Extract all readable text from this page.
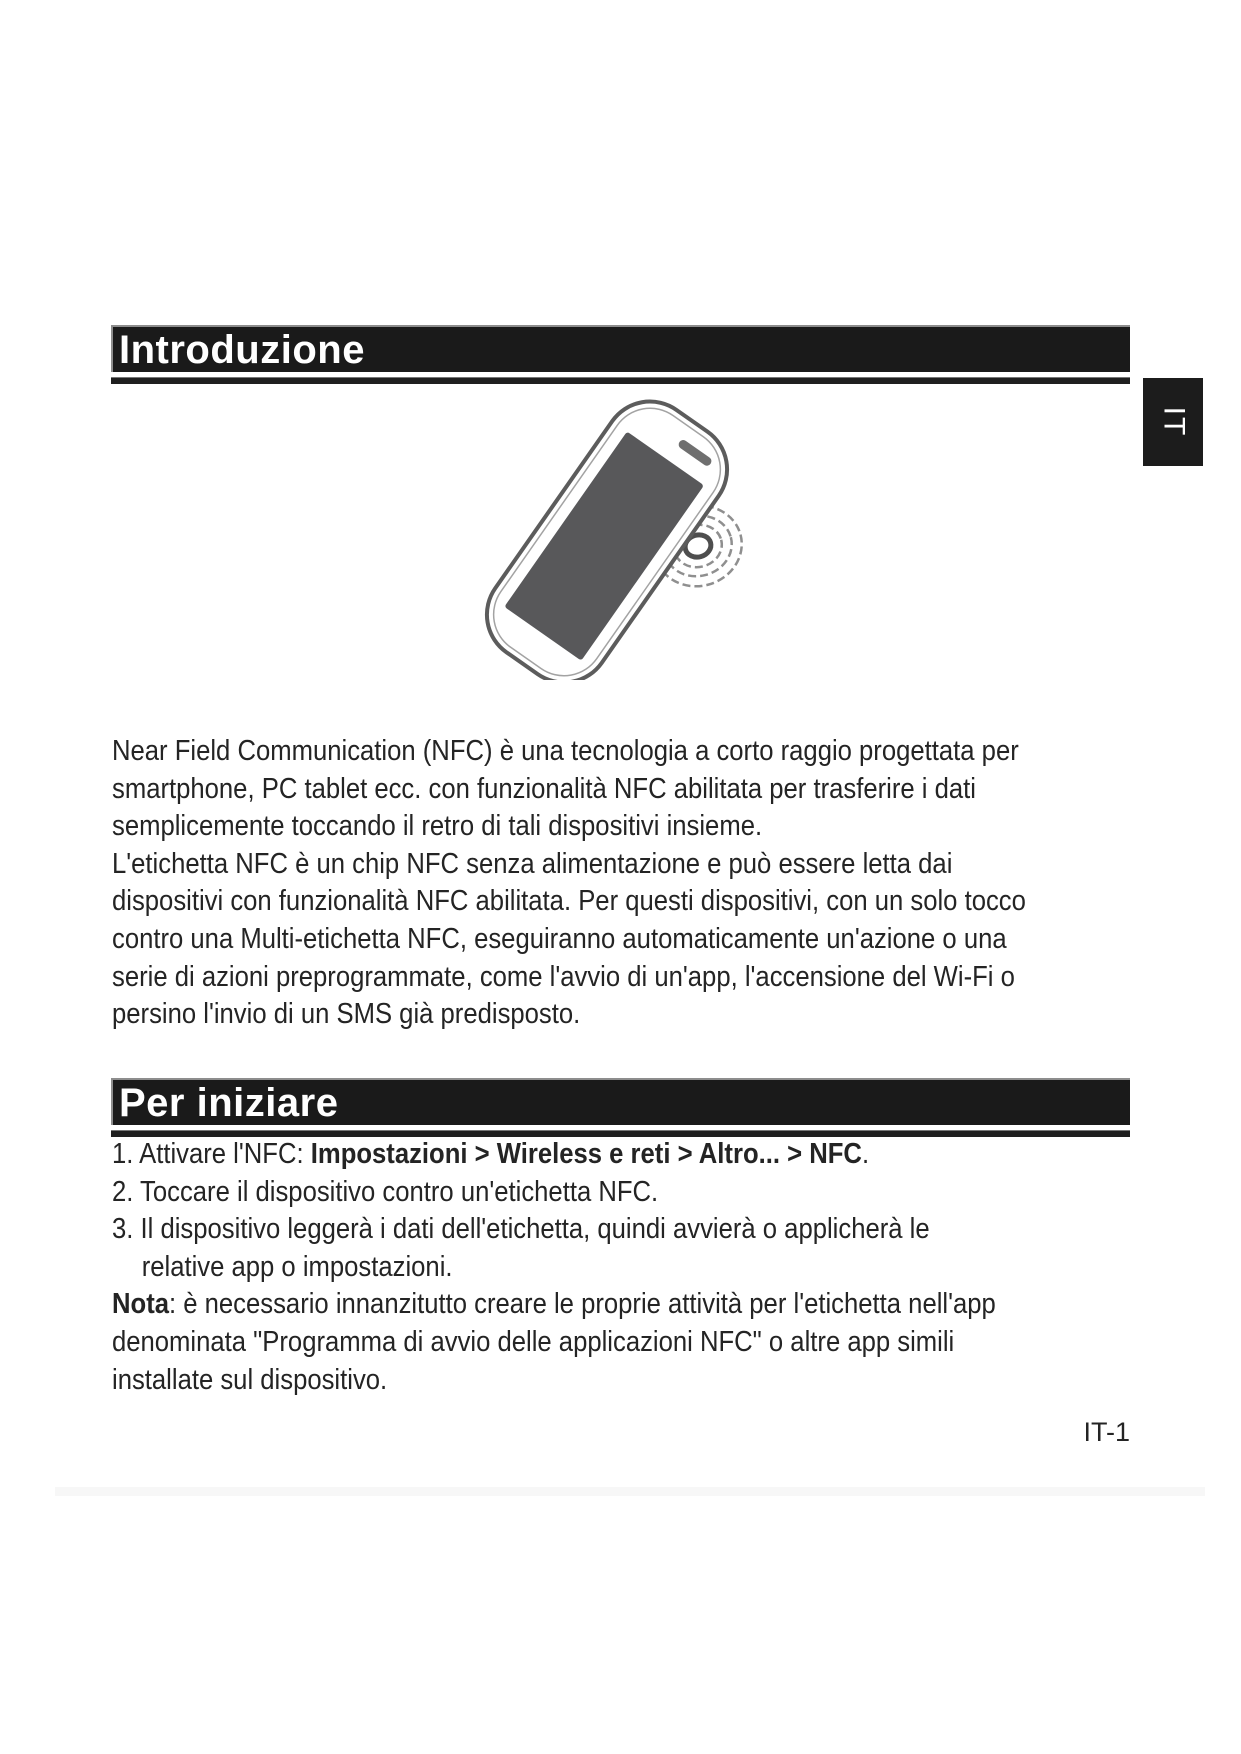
Introduzione
IT
Near Field Communication (NFC) è una tecnologia a corto raggio progettata per
smartphone, PC tablet ecc. con funzionalità NFC abilitata per trasferire i dati
semplicemente toccando il retro di tali dispositivi insieme.
L'etichetta NFC è un chip NFC senza alimentazione e può essere letta dai
dispositivi con funzionalità NFC abilitata. Per questi dispositivi, con un solo tocco
contro una Multi-etichetta NFC, eseguiranno automaticamente un'azione o una
serie di azioni preprogrammate, come l'avvio di un'app, l'accensione del Wi-Fi o
persino l'invio di un SMS già predisposto.
Per iniziare
1. Attivare l'NFC: Impostazioni > Wireless e reti > Altro... > NFC.
2. Toccare il dispositivo contro un'etichetta NFC.
3. Il dispositivo leggerà i dati dell'etichetta, quindi avvierà o applicherà le
relative app o impostazioni.
Nota: è necessario innanzitutto creare le proprie attività per l'etichetta nell'app
denominata "Programma di avvio delle applicazioni NFC" o altre app simili
installate sul dispositivo.
IT-1
